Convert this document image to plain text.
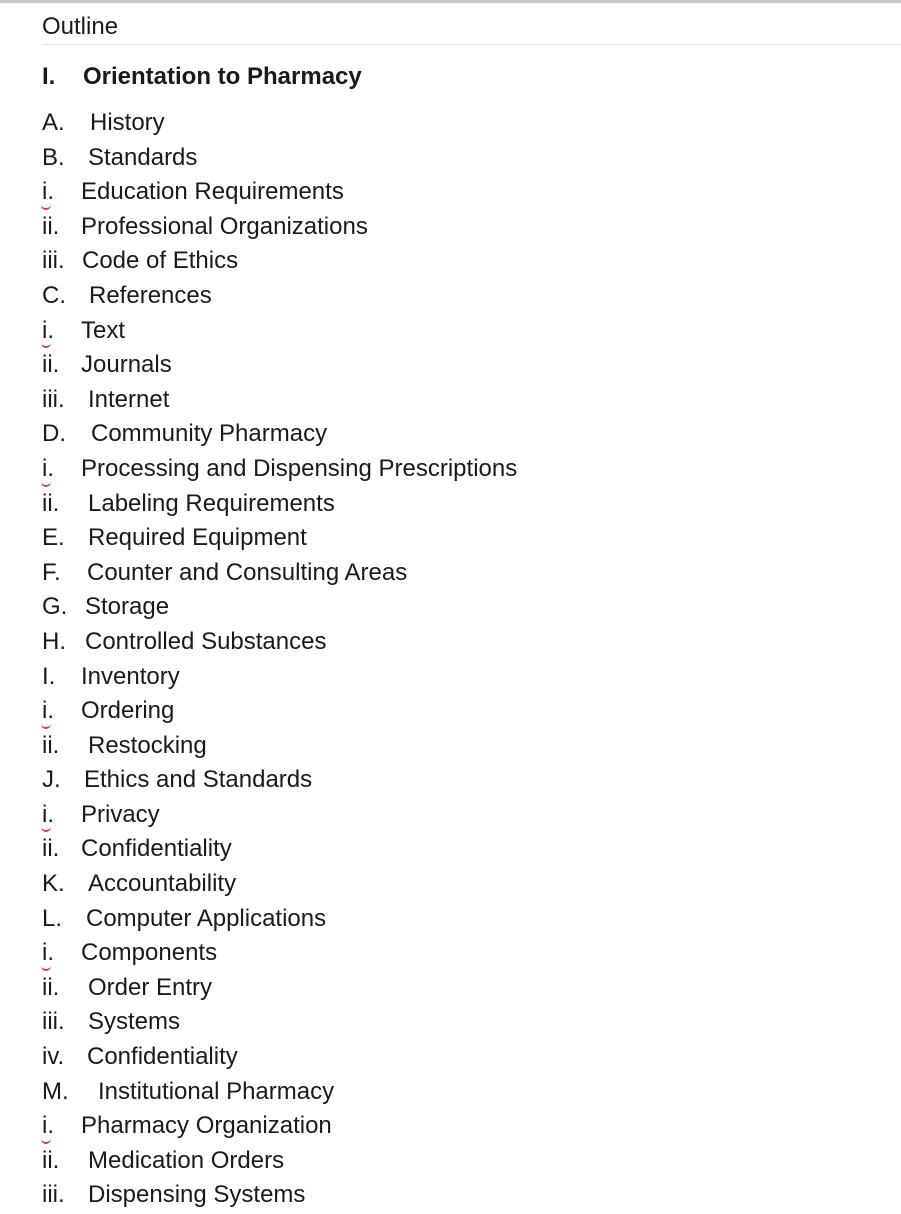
Outline
I. Orientation to Pharmacy
A. History
B. Standards
i. Education Requirements
ii. Professional Organizations
iii. Code of Ethics
C. References
i. Text
ii. Journals
iii. Internet
D. Community Pharmacy
i. Processing and Dispensing Prescriptions
ii. Labeling Requirements
E. Required Equipment
F. Counter and Consulting Areas
G. Storage
H. Controlled Substances
I. Inventory
i. Ordering
ii. Restocking
J. Ethics and Standards
i. Privacy
ii. Confidentiality
K. Accountability
L. Computer Applications
i. Components
ii. Order Entry
iii. Systems
iv. Confidentiality
M. Institutional Pharmacy
i. Pharmacy Organization
ii. Medication Orders
iii. Dispensing Systems
